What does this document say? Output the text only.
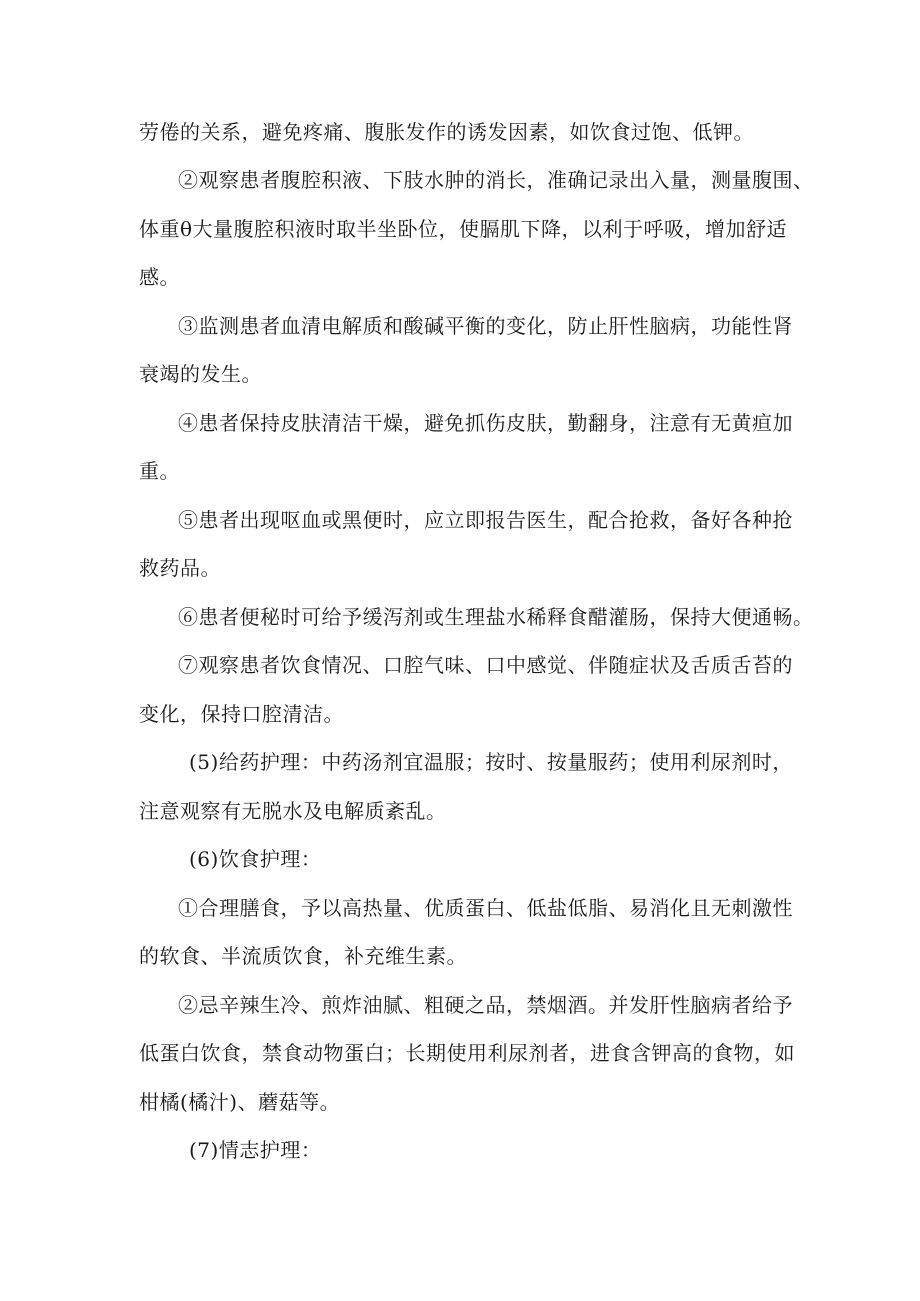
劳倦的关系，避免疼痛、腹胀发作的诱发因素，如饮食过饱、低钾。
②观察患者腹腔积液、下肢水肿的消长，准确记录出入量，测量腹围、
体重θ大量腹腔积液时取半坐卧位，使膈肌下降，以利于呼吸，增加舒适
感。
③监测患者血清电解质和酸碱平衡的变化，防止肝性脑病，功能性肾
衰竭的发生。
④患者保持皮肤清洁干燥，避免抓伤皮肤，勤翻身，注意有无黄疸加
重。
⑤患者出现呕血或黑便时，应立即报告医生，配合抢救，备好各种抢
救药品。
⑥患者便秘时可给予缓泻剂或生理盐水稀释食醋灌肠，保持大便通畅。
⑦观察患者饮食情况、口腔气味、口中感觉、伴随症状及舌质舌苔的
变化，保持口腔清洁。
(5)给药护理：中药汤剂宜温服；按时、按量服药；使用利尿剂时，
注意观察有无脱水及电解质紊乱。
(6)饮食护理：
①合理膳食，予以高热量、优质蛋白、低盐低脂、易消化且无刺激性
的软食、半流质饮食，补充维生素。
②忌辛辣生冷、煎炸油腻、粗硬之品，禁烟酒。并发肝性脑病者给予
低蛋白饮食，禁食动物蛋白；长期使用利尿剂者，进食含钾高的食物，如
柑橘(橘汁)、蘑菇等。
(7)情志护理：
